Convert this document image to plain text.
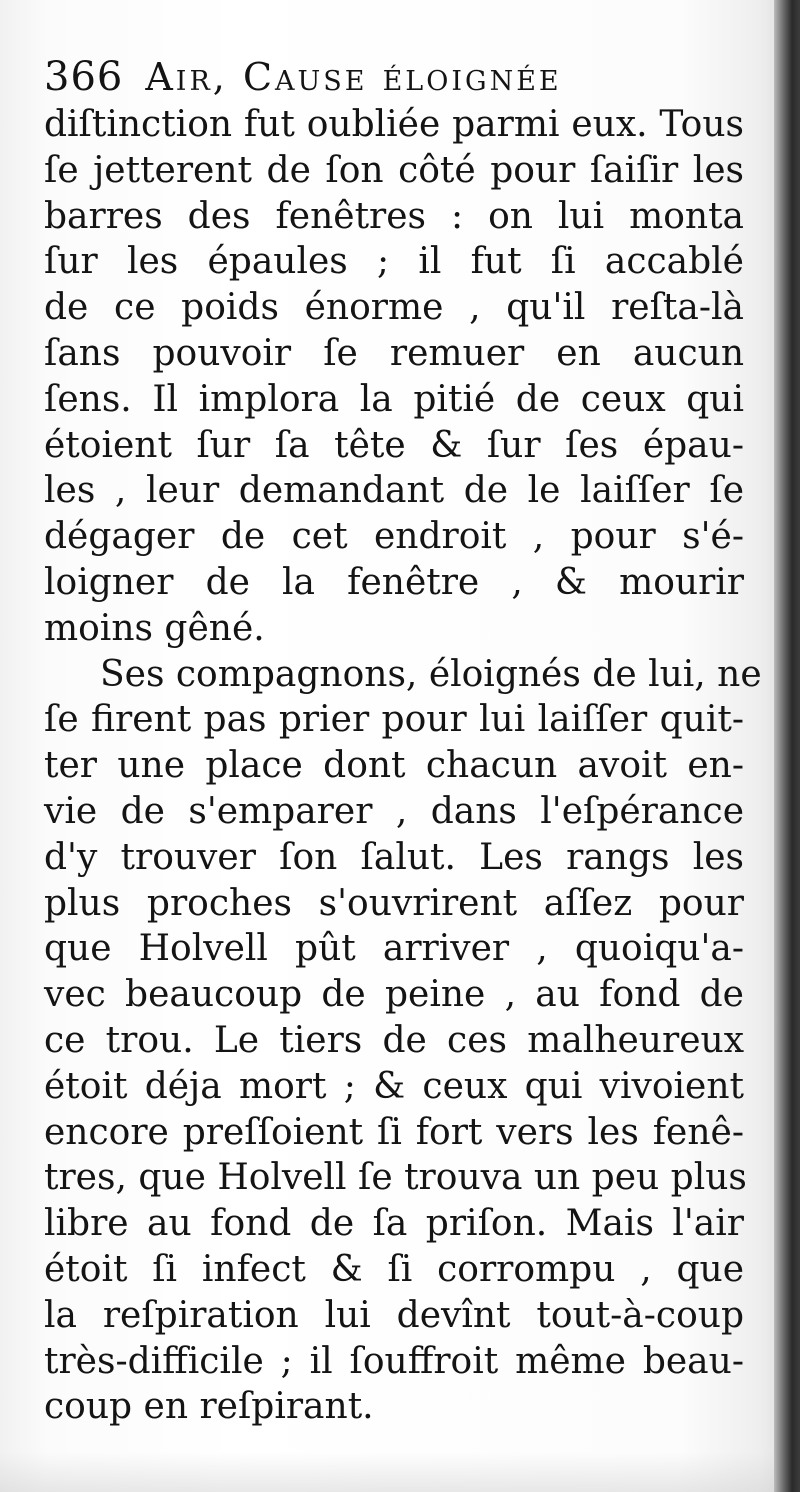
366 Air, Cause éloignée
diſtinction fut oubliée parmi eux. Tous
ſe jetterent de ſon côté pour ſaiſir les
barres des fenêtres : on lui monta
ſur les épaules ; il fut ſi accablé
de ce poids énorme , qu'il reſta-là
ſans pouvoir ſe remuer en aucun
ſens. Il implora la pitié de ceux qui
étoient ſur ſa tête & ſur ſes épau-
les , leur demandant de le laiſſer ſe
dégager de cet endroit , pour s'é-
loigner de la fenêtre , & mourir
moins gêné.
Ses compagnons, éloignés de lui, ne
ſe firent pas prier pour lui laiſſer quit-
ter une place dont chacun avoit en-
vie de s'emparer , dans l'eſpérance
d'y trouver ſon ſalut. Les rangs les
plus proches s'ouvrirent aſſez pour
que Holvell pût arriver , quoiqu'a-
vec beaucoup de peine , au fond de
ce trou. Le tiers de ces malheureux
étoit déja mort ; & ceux qui vivoient
encore preſſoient ſi fort vers les fenê-
tres, que Holvell ſe trouva un peu plus
libre au fond de ſa priſon. Mais l'air
étoit ſi infect & ſi corrompu , que
la reſpiration lui devînt tout-à-coup
très-difficile ; il ſouffroit même beau-
coup en reſpirant.
